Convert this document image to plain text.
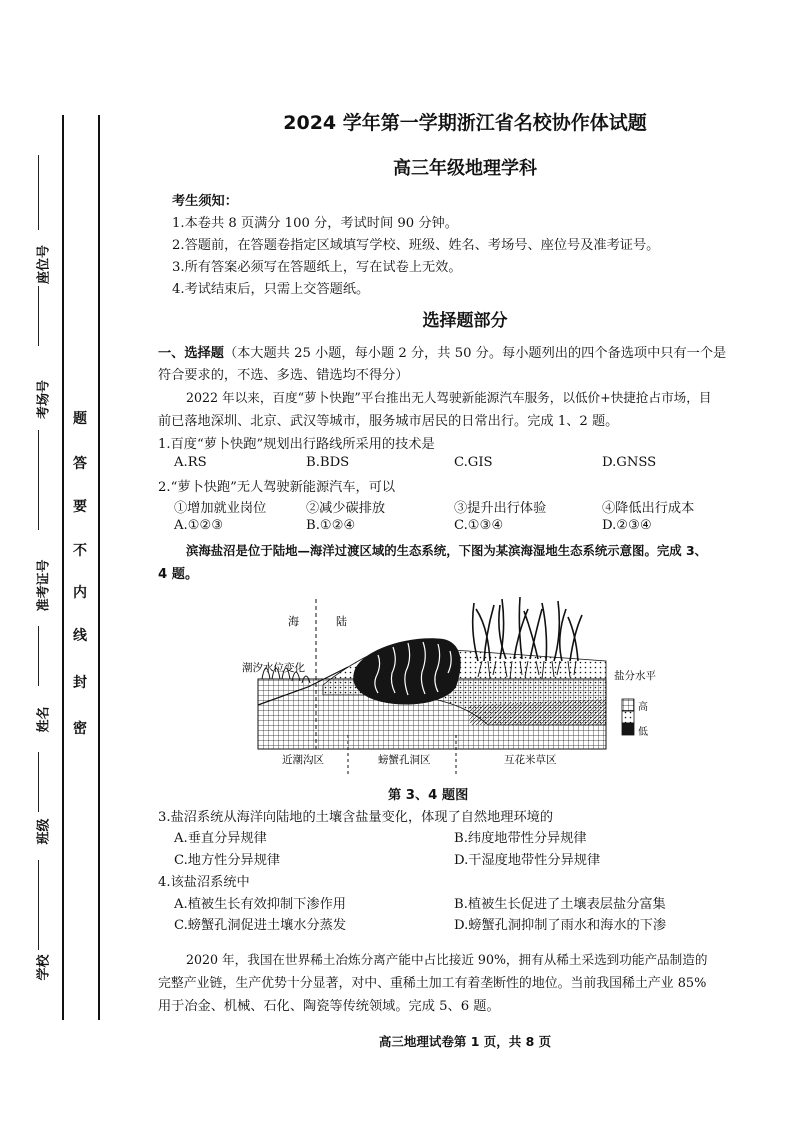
座位号
考场号
准考证号
姓名
班级
学校
密
封
线
内
不
要
答
题
2024 学年第一学期浙江省名校协作体试题
高三年级地理学科
考生须知：
1.本卷共 8 页满分 100 分，考试时间 90 分钟。
2.答题前，在答题卷指定区域填写学校、班级、姓名、考场号、座位号及准考证号。
3.所有答案必须写在答题纸上，写在试卷上无效。
4.考试结束后，只需上交答题纸。
选择题部分
一、选择题（本大题共 25 小题，每小题 2 分，共 50 分。每小题列出的四个备选项中只有一个是
符合要求的，不选、多选、错选均不得分）
2022 年以来，百度“萝卜快跑”平台推出无人驾驶新能源汽车服务，以低价+快捷抢占市场，目
前已落地深圳、北京、武汉等城市，服务城市居民的日常出行。完成 1、2 题。
1.百度“萝卜快跑”规划出行路线所采用的技术是
A.RS	B.BDS	C.GIS	D.GNSS
2.“萝卜快跑”无人驾驶新能源汽车，可以
①增加就业岗位	②减少碳排放	③提升出行体验	④降低出行成本
A.①②③	B.①②④	C.①③④	D.②③④
滨海盐沼是位于陆地—海洋过渡区域的生态系统，下图为某滨海湿地生态系统示意图。完成 3、
4 题。
海	陆
潮汐水位变化
近潮沟区	螃蟹孔洞区	互花米草区
盐分水平
高
低
第 3、4 题图
3.盐沼系统从海洋向陆地的土壤含盐量变化，体现了自然地理环境的
A.垂直分异规律	B.纬度地带性分异规律
C.地方性分异规律	D.干湿度地带性分异规律
4.该盐沼系统中
A.植被生长有效抑制下渗作用	B.植被生长促进了土壤表层盐分富集
C.螃蟹孔洞促进土壤水分蒸发	D.螃蟹孔洞抑制了雨水和海水的下渗
2020 年，我国在世界稀土冶炼分离产能中占比接近 90%，拥有从稀土采选到功能产品制造的
完整产业链，生产优势十分显著，对中、重稀土加工有着垄断性的地位。当前我国稀土产业 85%
用于冶金、机械、石化、陶瓷等传统领域。完成 5、6 题。
高三地理试卷第 1 页，共 8 页
